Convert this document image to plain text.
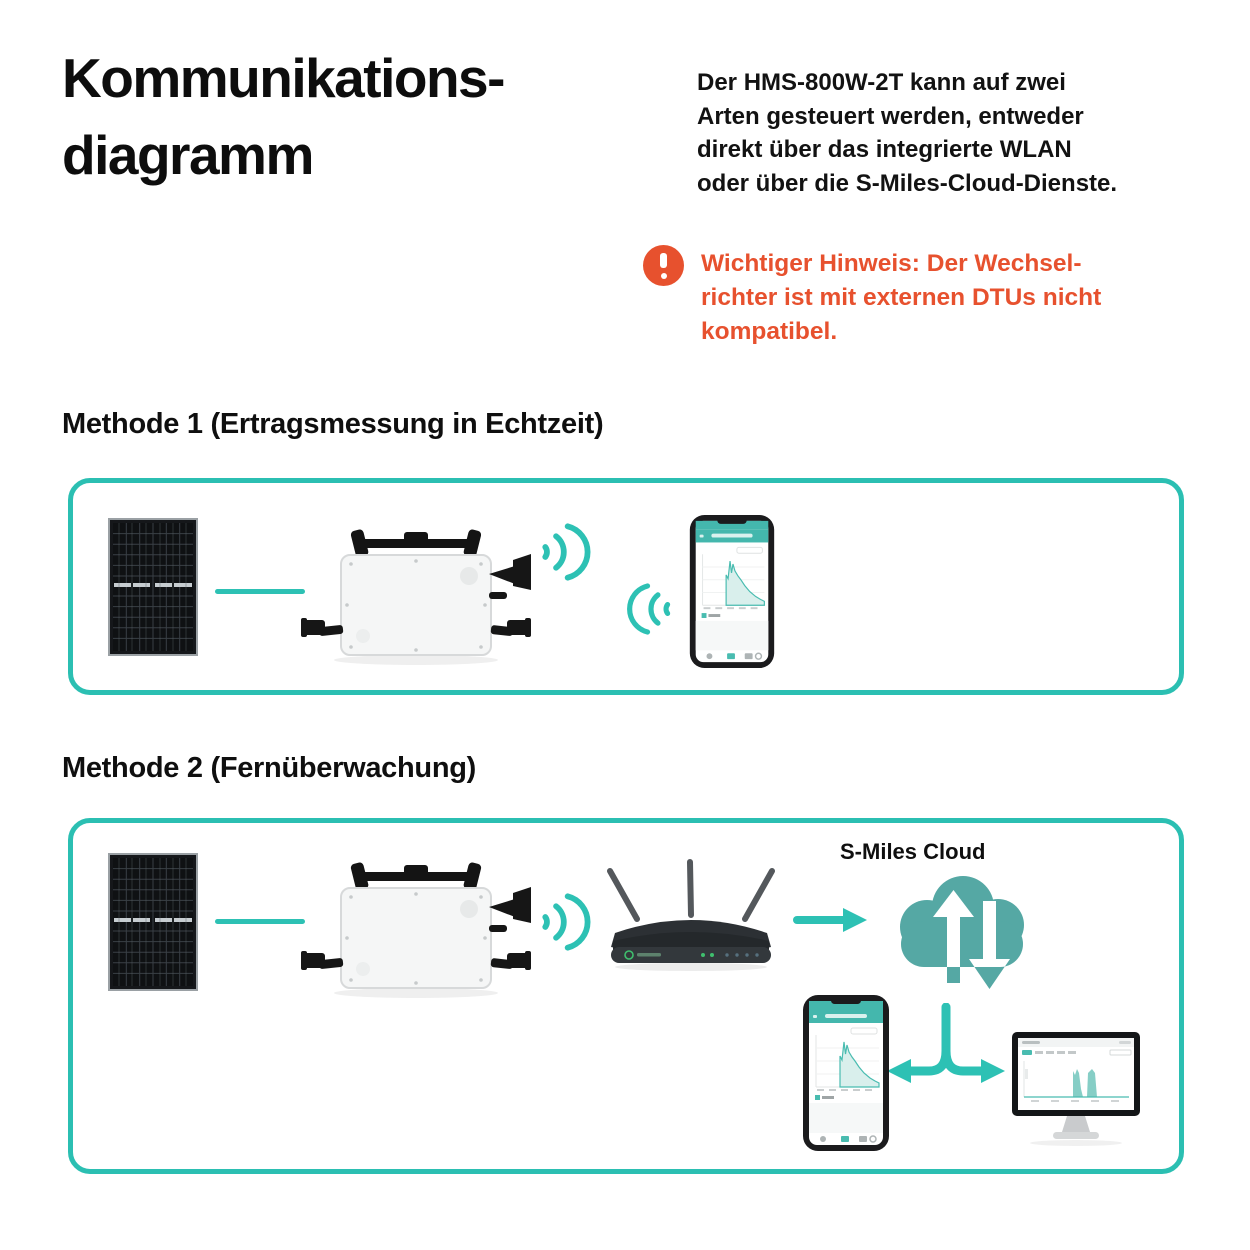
Kommunikations-
diagramm
Der HMS-800W-2T kann auf zwei
Arten gesteuert werden, entweder
direkt über das integrierte WLAN
oder über die S-Miles-Cloud-Dienste.
Wichtiger Hinweis: Der Wechsel-
richter ist mit externen DTUs nicht
kompatibel.
Methode 1 (Ertragsmessung in Echtzeit)
Methode 2 (Fernüberwachung)
S-Miles Cloud
